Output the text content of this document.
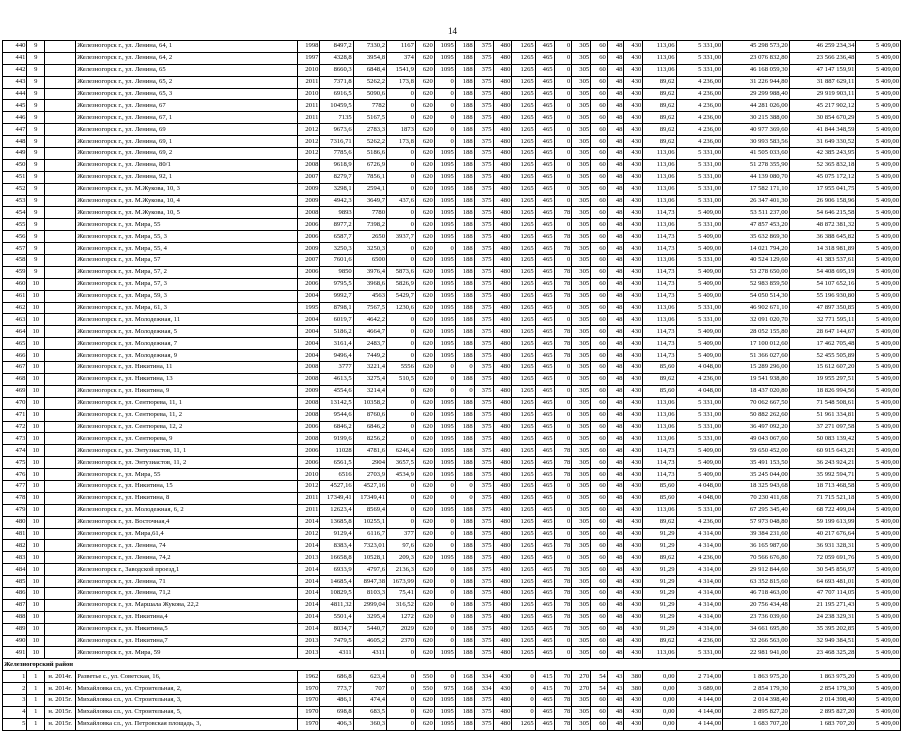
14
440	9		Железногорск г., ул. Ленина, 64, 1	1998	8497,2	7330,2	1167	620	1095	188	375	480	1265	465	0	305	60	48	430	113,06	5 331,00	45 298 573,20	46 259 234,34	5 409,00
441	9		Железногорск г., ул. Ленина, 64, 2	1997	4328,8	3954,8	374	620	1095	188	375	480	1265	465	0	305	60	48	430	113,06	5 331,00	23 076 832,80	23 566 236,48	5 409,00
442	9		Железногорск г., ул. Ленина, 65	2010	8660,3	6848,4	1541,9	620	1095	188	375	480	1265	465	0	305	60	48	430	113,06	5 331,00	46 168 059,30	47 147 159,91	5 409,00
443	9		Железногорск г., ул. Ленина, 65, 2	2011	7371,8	5262,2	173,8	620	0	188	375	480	1265	465	0	305	60	48	430	89,62	4 236,00	31 226 944,80	31 887 629,11	5 409,00
444	9		Железногорск г., ул. Ленина, 65, 3	2010	6916,5	5090,6	0	620	0	188	375	480	1265	465	0	305	60	48	430	89,62	4 236,00	29 299 988,40	29 919 903,11	5 409,00
445	9		Железногорск г., ул. Ленина, 67	2011	10459,5	7782	0	620	0	188	375	480	1265	465	0	305	60	48	430	89,62	4 236,00	44 281 026,00	45 217 902,12	5 409,00
446	9		Железногорск г., ул. Ленина, 67, 1	2011	7135	5167,5	0	620	0	188	375	480	1265	465	0	305	60	48	430	89,62	4 236,00	30 215 388,00	30 854 670,29	5 409,00
447	9		Железногорск г., ул. Ленина, 69	2012	9673,6	2783,3	1873	620	0	188	375	480	1265	465	0	305	60	48	430	89,62	4 236,00	40 977 369,60	41 844 348,59	5 409,00
448	9		Железногорск г., ул. Ленина, 69, 1	2012	7316,71	5262,2	173,8	620	0	188	375	480	1265	465	0	305	60	48	430	89,62	4 236,00	30 993 583,56	31 649 330,52	5 409,00
449	9		Железногорск г., ул. Ленина, 69, 2	2012	7785,6	5186,6	0	620	1095	188	375	480	1265	465	0	305	60	48	430	113,06	5 331,00	41 505 033,60	42 385 243,95	5 409,00
450	9		Железногорск г., ул. Ленина, 80/1	2008	9618,9	6726,9	0	620	1095	188	375	480	1265	465	0	305	60	48	430	113,06	5 331,00	51 278 355,90	52 365 832,18	5 409,00
451	9		Железногорск г., ул. Ленина, 92, 1	2007	8279,7	7856,1	0	620	1095	188	375	480	1265	465	0	305	60	48	430	113,06	5 331,00	44 139 080,70	45 075 172,12	5 409,00
452	9		Железногорск г., ул. М.Жукова, 10, 3	2009	3298,1	2594,1	0	620	1095	188	375	480	1265	465	0	305	60	48	430	113,06	5 331,00	17 582 171,10	17 955 041,75	5 409,00
453	9		Железногорск г., ул. М.Жукова, 10, 4	2009	4942,3	3649,7	437,6	620	1095	188	375	480	1265	465	0	305	60	48	430	113,06	5 331,00	26 347 401,30	26 906 158,96	5 409,00
454	9		Железногорск г., ул. М.Жукова, 10, 5	2008	9893	7780	0	620	1095	188	375	480	1265	465	78	305	60	48	430	114,73	5 409,00	53 511 237,00	54 646 215,58	5 409,00
455	9		Железногорск г., ул. Мира, 55	2006	8977,2	7398,2	0	620	1095	188	375	480	1265	465	0	305	60	48	430	113,06	5 331,00	47 857 453,20	48 872 381,32	5 409,00
456	9		Железногорск г., ул. Мира, 55, 3	2006	6587,7	2650	3937,7	620	1095	188	375	480	1265	465	78	305	60	48	430	114,73	5 409,00	35 632 869,30	36 388 645,82	5 409,00
457	9		Железногорск г., ул. Мира, 55, 4	2009	3250,3	3250,3	0	620	0	188	375	480	1265	465	78	305	60	48	430	114,73	5 409,00	14 021 794,20	14 318 981,89	5 409,00
458	9		Железногорск г., ул. Мира, 57	2007	7601,6	6500	0	620	1095	188	375	480	1265	465	0	305	60	48	430	113,06	5 331,00	40 524 129,60	41 383 537,61	5 409,00
459	9		Железногорск г., ул. Мира, 57, 2	2006	9850	3976,4	5873,6	620	1095	188	375	480	1265	465	78	305	60	48	430	114,73	5 409,00	53 278 650,00	54 408 695,19	5 409,00
460	10		Железногорск г., ул. Мира, 57, 3	2006	9795,5	3968,6	5826,9	620	1095	188	375	480	1265	465	78	305	60	48	430	114,73	5 409,00	52 983 859,50	54 107 652,16	5 409,00
461	10		Железногорск г., ул. Мира, 59, 3	2004	9992,7	4563	5429,7	620	1095	188	375	480	1265	465	78	305	60	48	430	114,73	5 409,00	54 050 514,30	55 196 930,80	5 409,00
462	10		Железногорск г., ул. Мира, 61, 3	1995	8798,1	7567,5	1230,6	620	1095	188	375	480	1265	465	0	305	60	48	430	113,06	5 331,00	46 902 671,10	47 897 350,85	5 409,00
463	10		Железногорск г., ул. Молодежная, 11	2004	6019,7	4642,2	0	620	1095	188	375	480	1265	465	0	305	60	48	430	113,06	5 331,00	32 091 020,70	32 771 595,11	5 409,00
464	10		Железногорск г., ул. Молодежная, 5	2004	5186,2	4664,7	0	620	1095	188	375	480	1265	465	78	305	60	48	430	114,73	5 409,00	28 052 155,80	28 647 144,67	5 409,00
465	10		Железногорск г., ул. Молодежная, 7	2004	3161,4	2483,7	0	620	1095	188	375	480	1265	465	78	305	60	48	430	114,73	5 409,00	17 100 012,60	17 462 705,48	5 409,00
466	10		Железногорск г., ул. Молодежная, 9	2004	9496,4	7449,2	0	620	1095	188	375	480	1265	465	78	305	60	48	430	114,73	5 409,00	51 366 027,60	52 455 505,89	5 409,00
467	10		Железногорск г., ул. Никитина, 11	2008	3777	3221,4	5556	620	0	0	375	480	1265	465	0	305	60	48	430	85,60	4 048,00	15 289 296,00	15 612 607,20	5 409,00
468	10		Железногорск г., ул. Никитина, 13	2008	4613,5	3275,4	510,5	620	0	188	375	480	1265	465	0	305	60	48	430	89,62	4 236,00	19 541 938,80	19 955 297,51	5 409,00
469	10		Железногорск г., ул. Никитина, 9	2009	4554,6	3214,4	0	620	0	0	375	480	1265	465	0	305	60	48	430	85,60	4 048,00	18 437 020,80	18 826 994,56	5 409,00
470	10		Железногорск г., ул. Сентюрева, 11, 1	2008	13142,5	10358,2	0	620	1095	188	375	480	1265	465	0	305	60	48	430	113,06	5 331,00	70 062 667,50	71 548 508,61	5 409,00
471	10		Железногорск г., ул. Сентюрева, 11, 2	2008	9544,6	8760,6	0	620	1095	188	375	480	1265	465	0	305	60	48	430	113,06	5 331,00	50 882 262,60	51 961 334,81	5 409,00
472	10		Железногорск г., ул. Сентюрева, 12, 2	2006	6846,2	6846,2	0	620	1095	188	375	480	1265	465	0	305	60	48	430	113,06	5 331,00	36 497 092,20	37 271 097,58	5 409,00
473	10		Железногорск г., ул. Сентюрева, 9	2008	9199,6	8256,2	0	620	1095	188	375	480	1265	465	0	305	60	48	430	113,06	5 331,00	49 043 067,60	50 083 139,42	5 409,00
474	10		Железногорск г., ул. Энтузиастов, 11, 1	2006	11028	4781,6	6246,4	620	1095	188	375	480	1265	465	78	305	60	48	430	114,73	5 409,00	59 650 452,00	60 915 643,21	5 409,00
475	10		Железногорск г., ул. Энтузиастов, 11, 2	2006	6561,5	2904	3657,5	620	1095	188	375	480	1265	465	78	305	60	48	430	114,73	5 409,00	35 491 153,50	36 243 924,21	5 409,00
476	10		Железногорск г., ул. Мира, 55	2010	6516	2703,9	4534,9	620	1095	188	375	480	1265	465	78	305	60	48	430	114,73	5 409,00	35 245 044,00	35 992 594,71	5 409,00
477	10		Железногорск г., ул. Никитина, 15	2012	4527,16	4527,16	0	620	0	0	375	480	1265	465	0	305	60	48	430	85,60	4 048,00	18 325 943,68	18 713 468,58	5 409,00
478	10		Железногорск г., ул. Никитина, 8	2011	17349,41	17349,41	0	620	0	0	375	480	1265	465	0	305	60	48	430	85,60	4 048,00	70 230 411,68	71 715 521,18	5 409,00
479	10		Железногорск г., ул. Молодежная, 6, 2	2011	12623,4	8569,4	0	620	1095	188	375	480	1265	465	0	305	60	48	430	113,06	5 331,00	67 295 345,40	68 722 499,04	5 409,00
480	10		Железногорск г., ул. Восточная,4	2014	13685,8	10255,1	0	620	0	188	375	480	1265	465	0	305	60	48	430	89,62	4 236,00	57 973 048,80	59 199 613,99	5 409,00
481	10		Железногорск г., ул. Мира,61,4	2012	9129,4	6116,7	377	620	0	188	375	480	1265	465	0	305	60	48	430	91,29	4 314,00	39 384 231,60	40 217 676,64	5 409,00
482	10		Железногорск г., ул. Ленина, 74	2014	8383,4	7323,01	97,6	620	0	188	375	480	1265	465	78	305	60	48	430	91,29	4 314,00	36 165 987,60	36 931 328,31	5 409,00
483	10		Железногорск г., ул. Ленина, 74,2	2013	16658,8	10528,1	209,3	620	1095	188	375	480	1265	465	0	305	60	48	430	89,62	4 236,00	70 566 676,80	72 059 691,76	5 409,00
484	10		Железногорск г., Заводской проезд,1	2014	6933,9	4797,6	2136,3	620	0	188	375	480	1265	465	78	305	60	48	430	91,29	4 314,00	29 912 844,60	30 545 856,97	5 409,00
485	10		Железногорск г., ул. Ленина, 71	2014	14685,4	8947,38	1673,99	620	0	188	375	480	1265	465	78	305	60	48	430	91,29	4 314,00	63 352 815,60	64 693 481,01	5 409,00
486	10		Железногорск г., ул. Ленина, 71,2	2014	10829,5	8103,3	75,41	620	0	188	375	480	1265	465	78	305	60	48	430	91,29	4 314,00	46 718 463,00	47 707 114,05	5 409,00
487	10		Железногорск г., ул. Маршала Жукова, 22,2	2014	4811,32	2999,04	316,52	620	0	188	375	480	1265	465	78	305	60	48	430	91,29	4 314,00	20 756 434,48	21 195 271,43	5 409,00
488	10		Железногорск г., ул. Никитина,4	2014	5501,4	3295,4	1272	620	0	188	375	480	1265	465	78	305	60	48	430	91,29	4 314,00	23 736 039,60	24 238 329,31	5 409,00
489	10		Железногорск г., ул. Никитина,5	2014	8034,7	5440,7	2029	620	0	188	375	480	1265	465	78	305	60	48	430	91,29	4 314,00	34 661 695,80	35 395 202,85	5 409,00
490	10		Железногорск г., ул. Никитина,7	2013	7479,5	4605,2	2370	620	0	188	375	480	1265	465	0	305	60	48	430	89,62	4 236,00	32 266 563,00	32 949 384,51	5 409,00
491	10		Железногорск г., ул. Мира, 59	2013	4311	4311	0	620	1095	188	375	480	1265	465	0	305	60	48	430	113,06	5 331,00	22 981 941,00	23 468 325,28	5 409,00
Железногорский район																								
1	1	н. 2014г.	Разветье с., ул. Советская, 16,	1962	686,8	623,4	0	550	0	168	334	430	0	415	70	270	54	43	380	0,00	2 714,00	1 863 975,20	1 863 975,20	5 409,00
2	1	н. 2014г.	Михайловка сл., ул. Строительная, 2,	1970	773,7	707	0	550	975	168	334	430	0	415	70	270	54	43	380	0,00	3 689,00	2 854 179,30	2 854 179,30	5 409,00
3	1	н. 2015г.	Михайловка сл., ул. Строительная, 3,	1970	486,1	474,4	0	620	1095	188	375	480	0	465	78	305	60	48	430	0,00	4 144,00	2 014 398,40	2 014 398,40	5 409,00
4	1	н. 2015г.	Михайловка сл., ул. Строительная, 5,	1970	698,8	683,5	0	620	1095	188	375	480	0	465	78	305	60	48	430	0,00	4 144,00	2 895 827,20	2 895 827,20	5 409,00
5	1	н. 2015г.	Михайловка сл., ул. Петровская площадь, 3,	1970	406,3	360,3	0	620	1095	188	375	480	1265	465	78	305	60	48	430	0,00	4 144,00	1 683 707,20	1 683 707,20	5 409,00
